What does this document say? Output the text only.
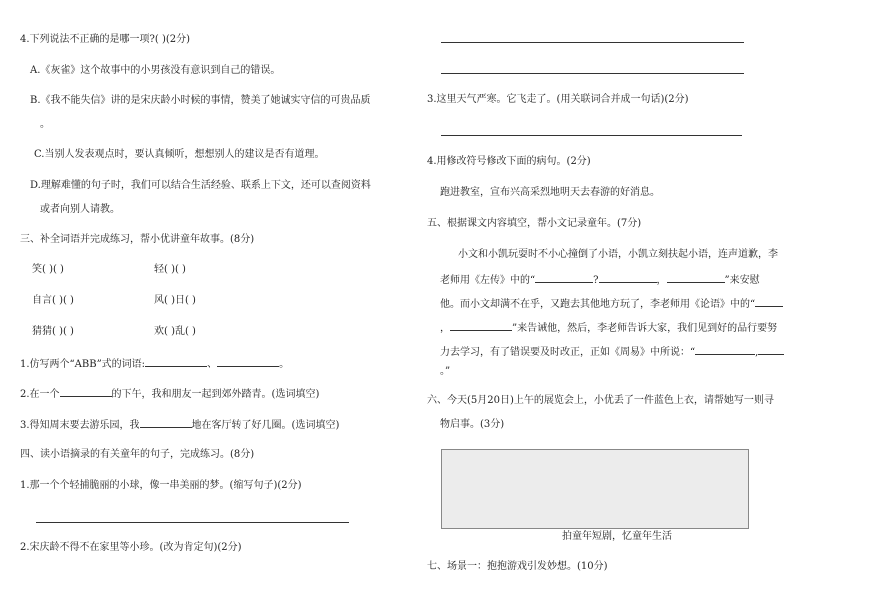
4.下列说法不正确的是哪一项?( )(2分)
A.《灰雀》这个故事中的小男孩没有意识到自己的错误。
B.《我不能失信》讲的是宋庆龄小时候的事情，赞美了她诚实守信的可贵品质
。
C.当别人发表观点时，要认真倾听，想想别人的建议是否有道理。
D.理解难懂的句子时，我们可以结合生活经验、联系上下文，还可以查阅资料
或者向别人请教。
三、补全词语并完成练习，帮小优讲童年故事。(8分)
笑( )( )	轻( )( )
自言( )( )	风( )日( )
猜猜( )( )	欢( )乱( )
1.仿写两个“ABB”式的词语:	、	。
2.在一个	的下午，我和朋友一起到郊外踏青。(选词填空)
3.得知周末要去游乐园，我	地在客厅转了好几圈。(选词填空)
四、读小语摘录的有关童年的句子，完成练习。(8分)
1.那一个个轻捕脆丽的小球，像一串美丽的梦。(缩写句子)(2分)
2.宋庆龄不得不在家里等小珍。(改为肯定句)(2分)
3.这里天气严寒。它飞走了。(用关联词合并成一句话)(2分)
4.用修改符号修改下面的病句。(2分)
跑进教室，宣布兴高采烈地明天去春游的好消息。
五、根据课文内容填空，帮小文记录童年。(7分)
小文和小凯玩耍时不小心撞倒了小语，小凯立刻扶起小语，连声道歉，李
老师用《左传》中的“	?	，	”来安慰
他。而小文却满不在乎，又跑去其他地方玩了，李老师用《论语》中的“
，	”来告诫他，然后，李老师告诉大家，我们见到好的品行要努
力去学习，有了错误要及时改正，正如《周易》中所说：“	,
。”
六、今天(5月20日)上午的展览会上，小优丢了一件蓝色上衣，请帮她写一则寻
物启事。(3分)
拍童年短剧，忆童年生活
七、场景一：抱抱游戏引发妙想。(10分)
